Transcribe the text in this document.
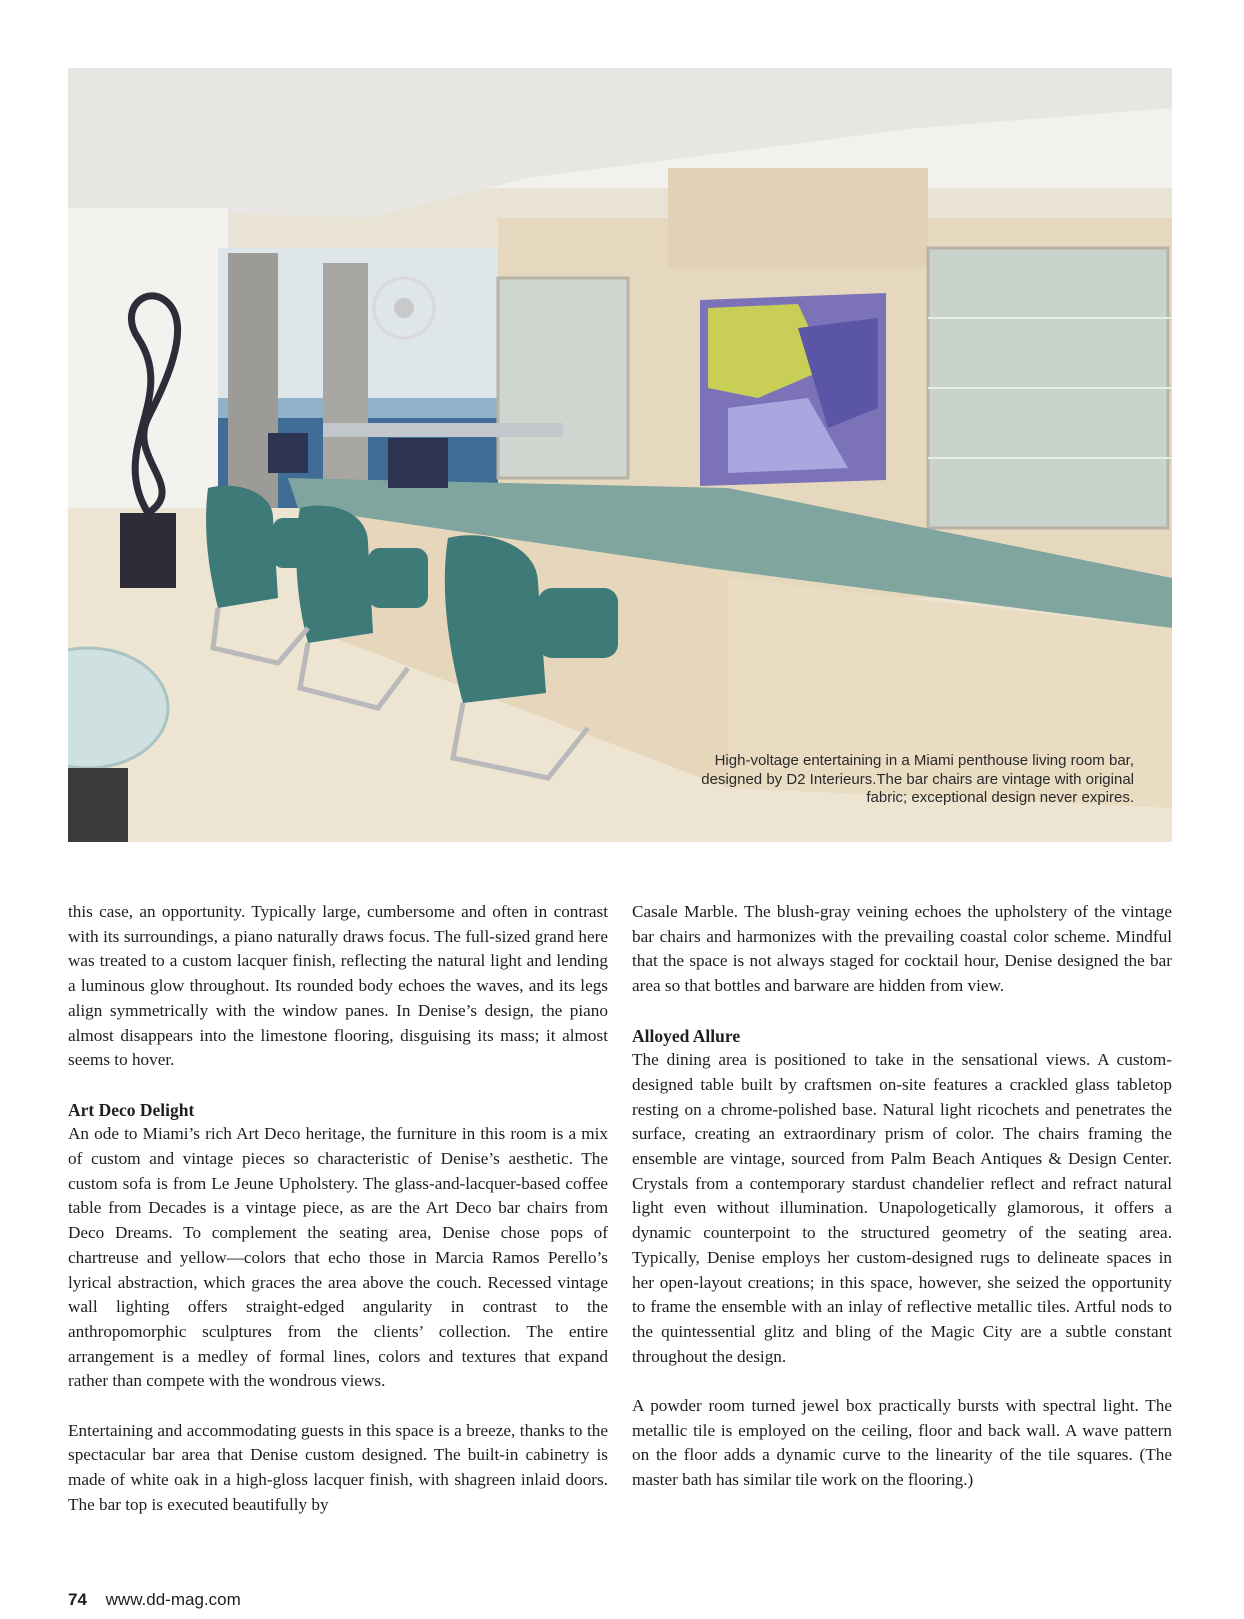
High-voltage entertaining in a Miami penthouse living room bar, designed by D2 Interieurs.The bar chairs are vintage with original fabric; exceptional design never expires.

this case, an opportunity. Typically large, cumbersome and often in contrast with its surroundings, a piano naturally draws focus. The full-sized grand here was treated to a custom lacquer finish, reflecting the natural light and lending a luminous glow throughout. Its rounded body echoes the waves, and its legs align symmetrically with the window panes. In Denise’s design, the piano almost disappears into the limestone flooring, disguising its mass; it almost seems to hover.

Art Deco Delight

An ode to Miami’s rich Art Deco heritage, the furniture in this room is a mix of custom and vintage pieces so characteristic of Denise’s aesthetic. The custom sofa is from Le Jeune Upholstery. The glass-and-lacquer-based coffee table from Decades is a vintage piece, as are the Art Deco bar chairs from Deco Dreams. To complement the seating area, Denise chose pops of chartreuse and yellow—colors that echo those in Marcia Ramos Perello’s lyrical abstraction, which graces the area above the couch. Recessed vintage wall lighting offers straight-edged angularity in contrast to the anthropomorphic sculptures from the clients’ collection. The entire arrangement is a medley of formal lines, colors and textures that expand rather than compete with the wondrous views.

Entertaining and accommodating guests in this space is a breeze, thanks to the spectacular bar area that Denise custom designed. The built-in cabinetry is made of white oak in a high-gloss lacquer finish, with shagreen inlaid doors. The bar top is executed beautifully by

Casale Marble. The blush-gray veining echoes the upholstery of the vintage bar chairs and harmonizes with the prevailing coastal color scheme. Mindful that the space is not always staged for cocktail hour, Denise designed the bar area so that bottles and barware are hidden from view.

Alloyed Allure

The dining area is positioned to take in the sensational views. A custom-designed table built by craftsmen on-site features a crackled glass tabletop resting on a chrome-polished base. Natural light ricochets and penetrates the surface, creating an extraordinary prism of color. The chairs framing the ensemble are vintage, sourced from Palm Beach Antiques & Design Center. Crystals from a contemporary stardust chandelier reflect and refract natural light even without illumination. Unapologetically glamorous, it offers a dynamic counterpoint to the structured geometry of the seating area. Typically, Denise employs her custom-designed rugs to delineate spaces in her open-layout creations; in this space, however, she seized the opportunity to frame the ensemble with an inlay of reflective metallic tiles. Artful nods to the quintessential glitz and bling of the Magic City are a subtle constant throughout the design.

A powder room turned jewel box practically bursts with spectral light. The metallic tile is employed on the ceiling, floor and back wall. A wave pattern on the floor adds a dynamic curve to the linearity of the tile squares. (The master bath has similar tile work on the flooring.)

74 www.dd-mag.com
